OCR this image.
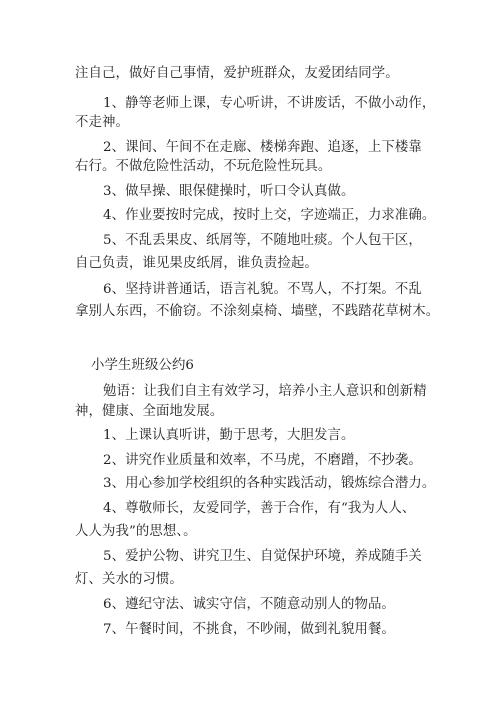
注自己，做好自己事情，爱护班群众，友爱团结同学。
1、静等老师上课，专心听讲，不讲废话，不做小动作，
不走神。
2、课间、午间不在走廊、楼梯奔跑、追逐，上下楼靠
右行。不做危险性活动，不玩危险性玩具。
3、做早操、眼保健操时，听口令认真做。
4、作业要按时完成，按时上交，字迹端正，力求准确。
5、不乱丢果皮、纸屑等，不随地吐痰。个人包干区，
自己负责，谁见果皮纸屑，谁负责捡起。
6、坚持讲普通话，语言礼貌。不骂人，不打架。不乱
拿别人东西，不偷窃。不涂刻桌椅、墙壁，不践踏花草树木。
小学生班级公约6
勉语：让我们自主有效学习，培养小主人意识和创新精
神，健康、全面地发展。
1、上课认真听讲，勤于思考，大胆发言。
2、讲究作业质量和效率，不马虎，不磨蹭，不抄袭。
3、用心参加学校组织的各种实践活动，锻炼综合潜力。
4、尊敬师长，友爱同学，善于合作，有“我为人人、
人人为我”的思想、。
5、爱护公物、讲究卫生、自觉保护环境，养成随手关
灯、关水的习惯。
6、遵纪守法、诚实守信，不随意动别人的物品。
7、午餐时间，不挑食，不吵闹，做到礼貌用餐。
